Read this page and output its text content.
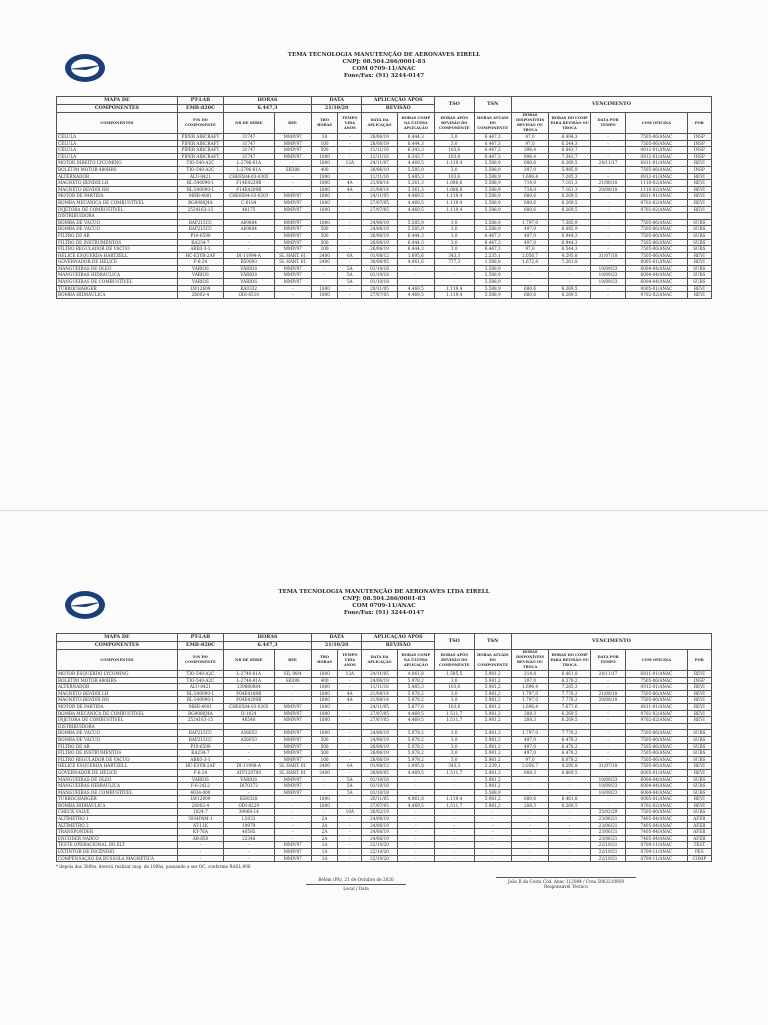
TEMA TECNOLOGIA MANUTENÇÃO DE AERONAVES EIRELL
CNPJ: 08.504.266/0001-83
COM 0709-11/ANAC
Fone/Fax: (91) 3244-0147
MAPA DE	PT-LAB	HORAS		DATA		APLICAÇÃO APÓS		TSO	TSN	VENCIMENTO				
COMPONENTES	EMB-820C	6.447,3		21/10/20		REVISÃO								
COMPONENTES	P/N DO COMPONENTE	NR DE SÉRIE	REF.	TBO HORAS	TEMPO VIDA ANOS	DATA DA APLICAÇÃO	HORAS COMP NA ÚLTIMA APLICAÇÃO	HORAS APÓS REVISÃO DO COMPONENTE	HORAS ATUAIS DO COMPONENTE	HORAS DISPONÍVEIS REVISÃO OU TROCA	HORAS DO COMP PARA REVISÃO OU TROCA	DATA POR TEMPO	COM OFICINA	POR
CÉLULA	PIPER AIRCRAFT	31747	MMP/97	50	-	26/06/19	6.444,3	3,0	6.447,3	47,0	6.494,3	-	7505-06/ANAC	INSP
CÉLULA	PIPER AIRCRAFT	31747	MMP/97	100	-	26/06/19	6.444,3	3,0	6.447,3	97,0	6.544,3	-	7505-06/ANAC	INSP
CÉLULA	PIPER AIRCRAFT	31747	MMP/97	500	-	11/11/16	6.343,3	103,6	6.447,3	396,4	6.843,7	-	0912-01/ANAC	INSP
CÉLULA	PIPER AIRCRAFT	31747	MMP/97	1000	-	11/11/16	6.343,7	103,6	6.447,3	896,4	7.343,7	-	0912-01/ANAC	INSP
MOTOR DIREITO LYCOMING	TIO-540-A2C	L-2796-61A	-	1800	12A	24/11/07	4.469,5	1.119,4	5.588,9	680,6	6.269,5	24/11/17	6811-01/ANAC	REVI
BOLETIM MOTOR 480HRS	TIO-540-A2C	L-2796-61A	SB388	400	-	26/06/19	5.585,9	3,0	5.588,9	397,0	5.985,9	-	7505-06/ANAC	INSP
ALTERNADOR	ALU-8421	CHE8584-03-0305	-	1800	-	11/11/16	5.485,3	103,6	5.588,9	1.696,4	7.285,3	-	0912-01/ANAC	REVI
MAGNETO BENDIX LH	BL-540090-1	F14E4229B	-	1800	4A	21/08/14	5.361,3	1.086,6	5.588,9	714,0	7.161,3	21/08/18	1110-02/ANAC	REVI
MAGNETO BENDIX RH	BL-540090-1	F14E4209B	-	1800	4A	21/08/14	5.361,3	1.086,6	5.588,9	714,0	7.161,3	20/08/18	1110-02/ANAC	REVI
MOTOR DE PARTIDA	MHB-4001	CHE8584-03-0203	MMP/97	1800	-	24/11/05	4.469,5	1.119,4	5.588,9	680,6	6.269,5	-	6811-01/ANAC	REVI
BOMBA MECÂNICA DE COMBUSTÍVEL	RG9080J4A	C-0184	MMP/97	1800	-	27/07/05	4.469,5	1.119,4	5.588,9	680,6	6.269,5	-	9702-02/ANAC	REVI
INJETORA DE COMBUSTÍVEL	2524163-15	48175	MMP/97	1800	-	27/07/05	4.469,5	1.119,4	5.588,9	680,6	6.269,5	-	9702-02/ANAC	REVI
DISTRIBUIDORA														
BOMBA DE VÁCUO	RAP215CC	A69884	MMP/97	1800	-	24/06/19	5.585,9	3,0	5.588,9	1.797,0	7.385,9	-	7505-06/ANAC	SUBS
BOMBA DE VÁCUO	RAP215CC	A69884	MMP/97	500	-	24/06/19	5.585,9	3,0	5.588,9	497,0	6.085,9	-	7505-06/ANAC	SUBS
FILTRO DE AR	P10-6590	-	MMP/97	500	-	26/06/19	6.444,3	3,0	6.447,3	497,0	6.944,3	-	7505-06/ANAC	SUBS
FILTRO DE INSTRUMENTOS	RA234-7	-	MMP/97	500	-	26/06/19	6.444,3	3,0	6.447,3	497,0	6.944,3	-	7505-06/ANAC	SUBS
FILTRO REGULADOR DE VÁCUO	ARB3-3-1	-	MMP/97	100	-	26/06/19	6.444,3	3,0	6.447,3	97,0	6.544,3	-	7505-06/ANAC	SUBS
HÉLICE ESQUERDA HARTZELL	HC-E3YR-2AF	DI-11994-A	SL HART. 61	2400	6A	01/08/12	1.095,6	343,3	2.235,1	2.056,7	4.295,8	31/07/18	7505-06/ANAC	REVI
GOVERNADOR DE HÉLICE	F-6-24	B50093	SL HART. 61	2400	-	30/06/05	4.061,6	777,3	1.588,8	1.672,8	7.261,8	-	0005-01/ANAC	REVI
MANGUEIRAS DE ÓLEO	VÁRIOS	VÁRIOS	MMP/97	-	5A	01/10/18	-	-	5.588,9	-	-	10/09/23	6004-04/ANAC	SUBS
MANGUEIRAS HIDRÁULICA	VÁRIOS	VÁRIOS	MMP/97	-	5A	01/10/18	-	-	5.588,9	-	-	10/09/23	6004-04/ANAC	SUBS
MANGUEIRAS DE COMBUSTÍVEL	VÁRIOS	VÁRIOS	MMP/97	-	5A	01/10/18	-	-	5.588,9	-	-	10/09/23	6004-04/ANAC	SUBS
TURBOCHARGER	LW12609	KA0332	-	1800	-	20/11/05	4.469,5	1.119,4	5.588,9	680,6	6.269,5	-	0005-01/ANAC	REVI
BOMBA HIDRÁULICA	26002-4	ODI-8510	-	1800	-	27/07/05	4.469,5	1.119,4	5.588,9	680,6	6.269,5	-	9702-02/ANAC	REVI
TEMA TECNOLOGIA MANUTENÇÃO DE AERONAVES LTDA EIRELL
CNPJ: 08.504.266/0001-83
COM 0709-11/ANAC
Fone/Fax: (91) 3244-0147
MAPA DE	PT-LAB	HORAS		DATA		APLICAÇÃO APÓS		TSO	TSN	VENCIMENTO				
COMPONENTES	EMB-820C	6.447,3		21/10/20		REVISÃO								
COMPONENTES	P/N DO COMPONENTE	NR DE SÉRIE	REF.	TBO HORAS	TEMPO VIDA ANOS	DATA DA APLICAÇÃO	HORAS COMP NA ÚLTIMA APLICAÇÃO	HORAS APÓS REVISÃO DO COMPONENTE	HORAS ATUAIS DO COMPONENTE	HORAS DISPONÍVEIS REVISÃO OU TROCA	HORAS DO COMP PARA REVISÃO OU TROCA	DATA POR TEMPO	COM OFICINA	POR
MOTOR ESQUERDO LYCOMING	TIO-540-A2C	L-2740-61A	SIL 98/4	1800	12A	24/11/05	4.061,8	1.585,5	5.981,2	214,8	6.461,8	24/11/17	6811-01/ANAC	REVI
BOLETIM MOTOR 480HRS	TIO-540-A2C	L-2740-61A	SB388	400	-	24/06/19	5.978,2	3,0	5.981,2	397,0	6.378,2	-	7505-06/ANAC	INSP
ALTERNADOR	ALU-8421	139880084	-	1800	-	11/11/16	5.485,3	103,6	5.981,2	1.696,4	7.285,3	-	0912-01/ANAC	REVI
MAGNETO BENDIX LH	BL-540090-1	F04E4189B	-	1800	4A	21/08/14	5.978,2	3,0	5.981,2	1.797,0	7.778,2	21/08/18	7505-06/ANAC	REVI
MAGNETO BENDIX RH	BL-540090-1	F04E4209B	-	1800	4A	21/08/14	5.978,2	3,0	5.981,2	1.797,0	7.778,2	20/08/18	7505-06/ANAC	REVI
MOTOR DE PARTIDA	MHB-4001	CHE8584-03-0205	MMP/97	1800	-	24/11/05	5.877,6	103,6	5.981,2	1.696,4	7.677,6	-	6811-01/ANAC	REVI
BOMBA MECÂNICA DE COMBUSTÍVEL	RG9080J4A	D-1024	MMP/97	1800	-	27/07/05	4.469,5	1.511,7	5.981,2	288,3	6.269,5	-	9702-02/ANAC	REVI
INJETORA DE COMBUSTÍVEL	2524163-15	46540	MMP/97	1800	-	27/07/05	4.469,5	1.511,7	5.981,2	288,3	6.269,5	-	9702-02/ANAC	REVI
DISTRIBUIDORA														
BOMBA DE VÁCUO	RAP215CC	A56053	MMP/97	1800	-	24/06/19	5.978,2	3,0	5.981,2	1.797,0	7.778,2	-	7505-06/ANAC	SUBS
BOMBA DE VÁCUO	RAP215CC	A56053	MMP/97	500	-	24/06/19	5.978,2	3,0	5.981,2	497,0	6.478,2	-	7505-06/ANAC	SUBS
FILTRO DE AR	P10-6590	-	MMP/97	500	-	26/06/19	5.978,2	3,0	5.981,2	497,0	6.478,2	-	7505-06/ANAC	SUBS
FILTRO DE INSTRUMENTOS	RA234-7	-	MMP/97	500	-	26/06/19	5.978,2	3,0	5.981,2	497,0	6.478,2	-	7505-06/ANAC	SUBS
FILTRO REGULADOR DE VÁCUO	ARB3-3-1	-	MMP/97	100	-	26/06/19	5.978,2	3,0	5.981,2	97,0	6.078,2	-	7505-06/ANAC	SUBS
HÉLICE ESQUERDA HARTZELL	HC-E3YR-2AF	DI-11998-A	SL HART. 61	2400	6A	01/08/12	1.995,8	343,3	2.239,1	2.056,7	4.295,8	31/07/18	7505-06/ANAC	REVI
GOVERNADOR DE HÉLICE	F-6-24	ATF120700	SL HART. 61	2400	-	30/06/05	4.469,5	1.511,7	5.981,2	888,3	6.869,5	-	0005-01/ANAC	REVI
MANGUEIRAS DE ÓLEO	VÁRIOS	VÁRIOS	MMP/97	-	5A	01/10/18	-	-	5.981,2	-	-	10/09/23	6004-04/ANAC	SUBS
MANGUEIRAS HIDRÁULICA	F-6-24L2	DI70372	MMP/97	-	5A	01/10/18	-	-	5.981,2	-	-	10/09/23	6004-04/ANAC	SUBS
MANGUEIRAS DE COMBUSTÍVEL	4034-000	-	MMP/97	-	5A	01/10/18	-	-	5.588,9	-	-	10/09/23	6004-04/ANAC	SUBS
TURBOCHARGER	LW12609	KH0328	-	1800	-	20/11/05	4.061,8	1.119,4	5.981,2	680,6	6.461,8	-	0005-01/ANAC	REVI
BOMBA HIDRÁULICA	26002-4	ODI-8229	-	1800	-	27/07/05	4.469,5	1.511,7	5.981,2	288,3	6.269,5	-	9702-02/ANAC	REVI
CHECK VALVE	1024-7	39068-14	-	-	10A	26/02/19	-	-	-	-	-	25/02/29	7505-06/ANAC	SUBS
ALTÍMETRO 1	5934PAM-1	L5032	-	2A	-	24/06/19	-	-	-	-	-	23/06/21	7405-04/ANAC	AFER
ALTÍMETRO 2	AT-11K	19979	-	2A	-	24/06/19	-	-	-	-	-	23/06/21	7405-04/ANAC	AFER
TRANSPONDER	KT-76A	40585	-	2A	-	24/06/19	-	-	-	-	-	23/06/21	7405-04/ANAC	AFER
ENCODER NARCO	AR-850	22348	-	2A	-	24/06/19	-	-	-	-	-	23/06/21	7405-04/ANAC	AFER
TESTE OPERACIONAL DO ELT	-	-	MMP/97	1A	-	22/10/20	-	-	-	-	-	22/10/21	0709-11/ANAC	TEST
EXTINTOR DE INCÊNDIO	-	-	MMP/97	1A	-	22/10/20	-	-	-	-	-	22/10/21	0709-11/ANAC	PES
COMPENSAÇÃO DA BÚSSOLA MAGNÉTICA	-	-	MMP/97	1A	-	22/10/20	-	-	-	-	-	22/10/21	0709-11/ANAC	COMP
* depois das 300hs, deverá realizar insp. de 100hs, passando a ser OC, conforme RASL-006
Belém (PA), 21 de Outubro de 2020
Local / Data
João R da Costa Cód. Anac 112084 / Crea 5062210959
Responsável Técnico
